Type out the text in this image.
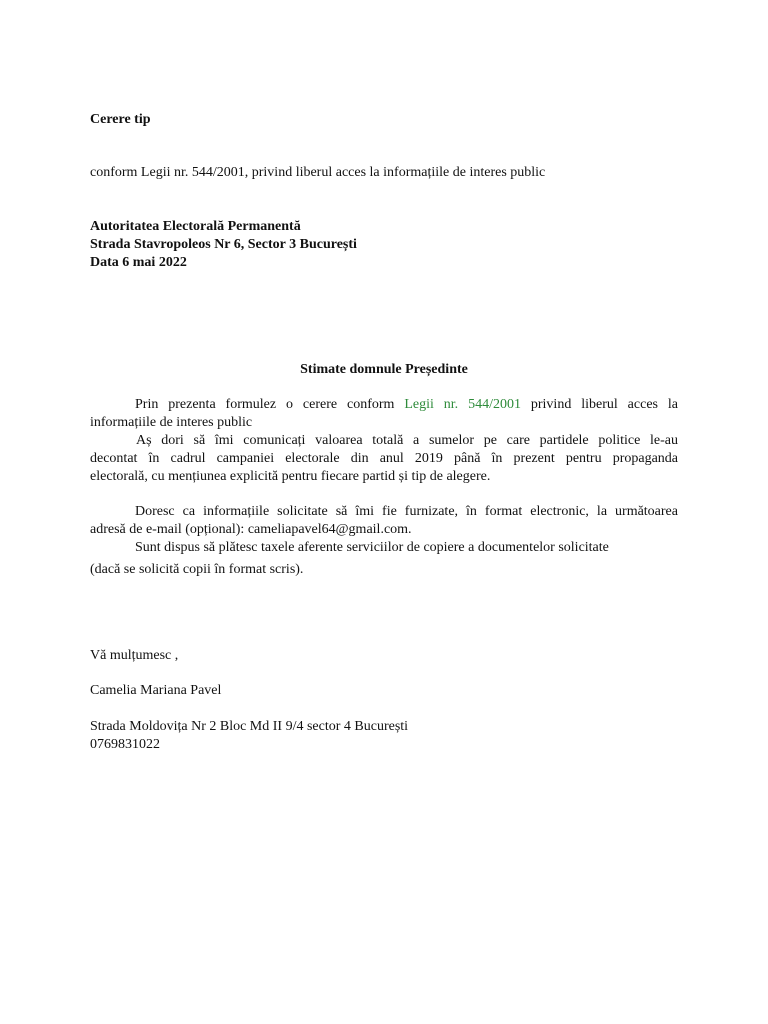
Cerere tip
conform Legii nr. 544/2001, privind liberul acces la informațiile de interes public
Autoritatea Electorală Permanentă
Strada Stavropoleos Nr 6, Sector 3 București
Data 6 mai 2022
Stimate domnule Președinte
Prin prezenta formulez o cerere conform Legii nr. 544/2001 privind liberul acces la
informațiile de interes public
Aș dori să îmi comunicați valoarea totală a sumelor pe care partidele politice le-au
decontat în cadrul campaniei electorale din anul 2019 până în prezent pentru propaganda
electorală, cu mențiunea explicită pentru fiecare partid și tip de alegere.
Doresc ca informațiile solicitate să îmi fie furnizate, în format electronic, la următoarea
adresă de e-mail (opțional): cameliapavel64@gmail.com.
Sunt dispus să plătesc taxele aferente serviciilor de copiere a documentelor solicitate
(dacă se solicită copii în format scris).
Vă mulțumesc ,
Camelia Mariana Pavel
Strada Moldovița Nr 2 Bloc Md II 9/4 sector 4 București
0769831022
